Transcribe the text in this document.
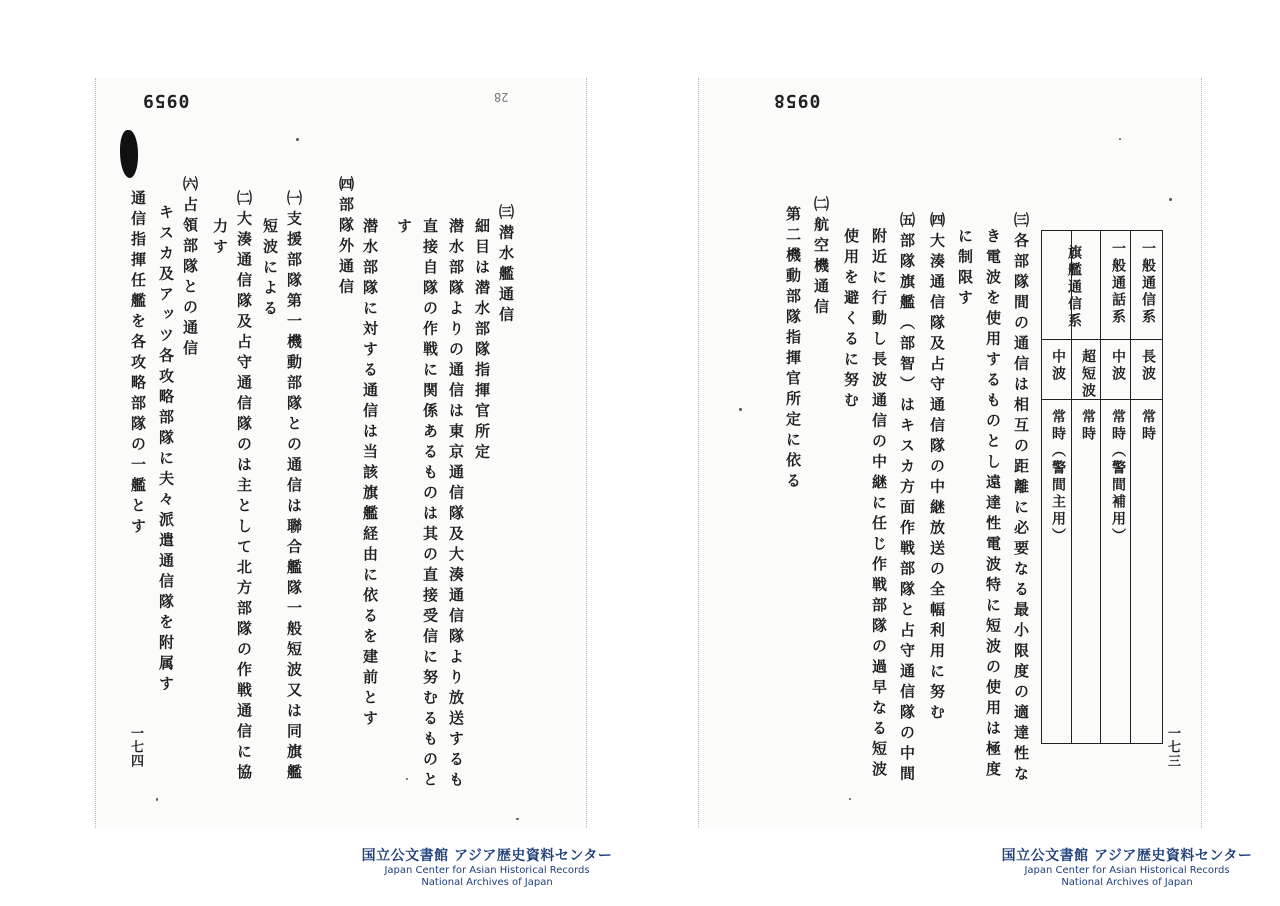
0959	28
㈢潜水艦通信
細目は潜水部隊指揮官所定
潜水部隊よりの通信は東京通信隊及大湊通信隊より放送するも
直接自隊の作戦に関係あるものは其の直接受信に努むるものと
す
㈣部隊外通信 潜水部隊に対する通信は当該旗艦経由に依るを建前とす
㈠支援部隊第一機動部隊との通信は聯合艦隊一般短波又は同旗艦
短波による
㈡大湊通信隊及占守通信隊のは主として北方部隊の作戦通信に協
力す
㈥占領部隊との通信
キスカ及アッツ各攻略部隊に夫々派遣通信隊を附属す
通信指揮任艦を各攻略部隊の一艦とす
一七四
0958
一般通信系
長波
常時
一般通話系
中波
常時（警間補用）
旗艦通信系
超短波
常時
中波
常時（警間主用）
㈢各部隊間の通信は相互の距離に必要なる最小限度の適達性な
き電波を使用するものとし遠達性電波特に短波の使用は極度
に制限す
㈣大湊通信隊及占守通信隊の中継放送の全幅利用に努む
㈤部隊旗艦（部智）はキスカ方面作戦部隊と占守通信隊の中間
附近に行動し長波通信の中継に任じ作戦部隊の過早なる短波
使用を避くるに努む
㈡航空機通信
第二機動部隊指揮官所定に依る
一七三
国立公文書館 アジア歴史資料センター
Japan Center for Asian Historical Records
National Archives of Japan
国立公文書館 アジア歴史資料センター
Japan Center for Asian Historical Records
National Archives of Japan
